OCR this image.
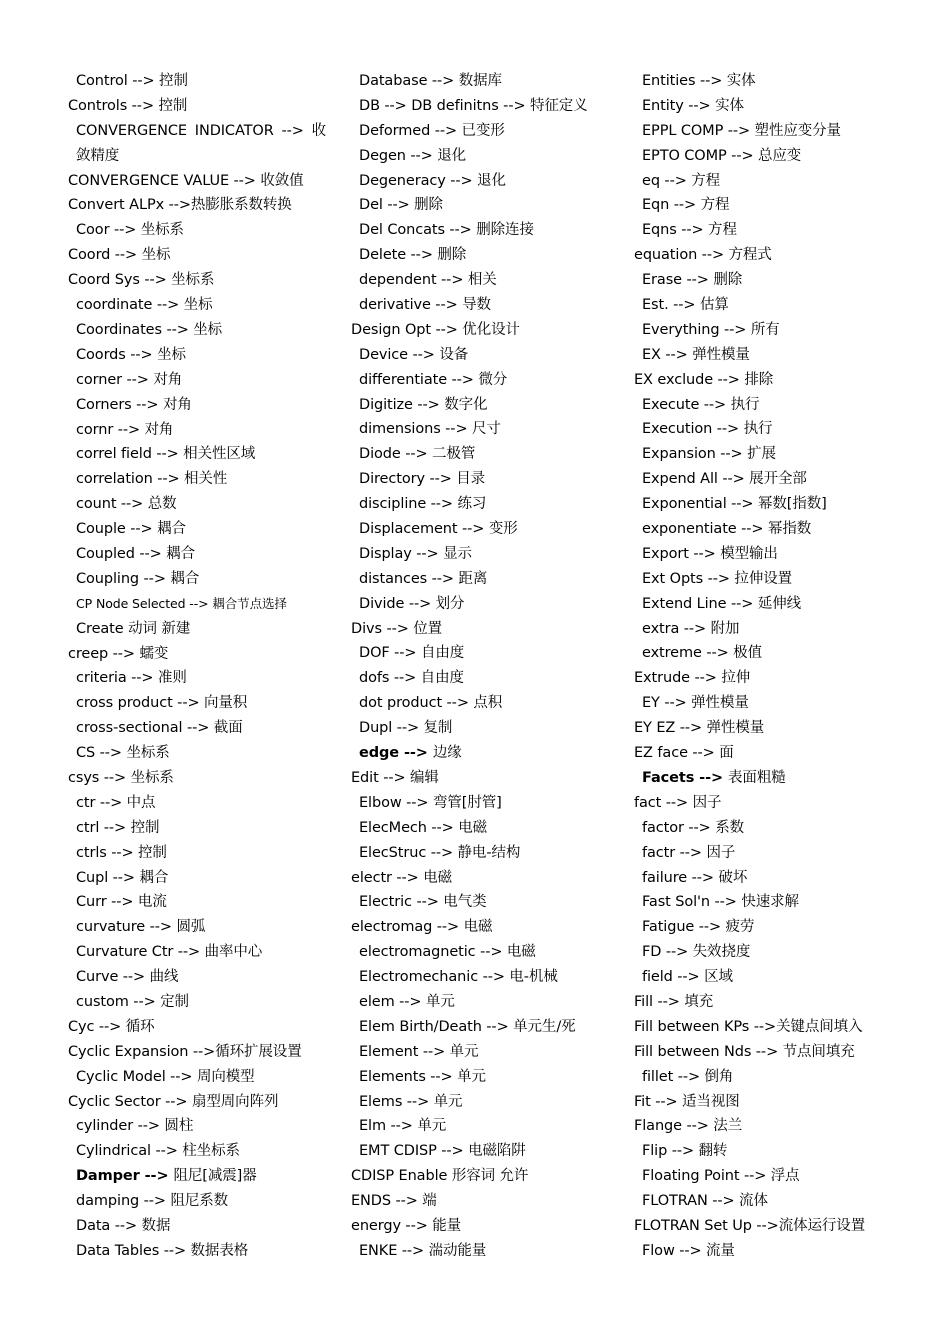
Control --> 控制
Controls --> 控制
CONVERGENCE INDICATOR --> 收敛精度
CONVERGENCE VALUE --> 收敛值
Convert ALPx -->热膨胀系数转换
Coor --> 坐标系
Coord --> 坐标
Coord Sys --> 坐标系
coordinate --> 坐标
Coordinates --> 坐标
Coords --> 坐标
corner --> 对角
Corners --> 对角
cornr --> 对角
correl field --> 相关性区域
correlation --> 相关性
count --> 总数
Couple --> 耦合
Coupled --> 耦合
Coupling --> 耦合
CP Node Selected --> 耦合节点选择
Create 动词 新建
creep --> 蠕变
criteria --> 准则
cross product --> 向量积
cross-sectional --> 截面
CS --> 坐标系
csys --> 坐标系
ctr --> 中点
ctrl --> 控制
ctrls --> 控制
Cupl --> 耦合
Curr --> 电流
curvature --> 圆弧
Curvature Ctr --> 曲率中心
Curve --> 曲线
custom --> 定制
Cyc --> 循环
Cyclic Expansion -->循环扩展设置
Cyclic Model --> 周向模型
Cyclic Sector --> 扇型周向阵列
cylinder --> 圆柱
Cylindrical --> 柱坐标系
Damper --> 阻尼[减震]器
damping --> 阻尼系数
Data --> 数据
Data Tables --> 数据表格
Database --> 数据库
DB --> DB definitns --> 特征定义
Deformed --> 已变形
Degen --> 退化
Degeneracy --> 退化
Del --> 删除
Del Concats --> 删除连接
Delete --> 删除
dependent --> 相关
derivative --> 导数
Design Opt --> 优化设计
Device --> 设备
differentiate --> 微分
Digitize --> 数字化
dimensions --> 尺寸
Diode --> 二极管
Directory --> 目录
discipline --> 练习
Displacement --> 变形
Display --> 显示
distances --> 距离
Divide --> 划分
Divs --> 位置
DOF --> 自由度
dofs --> 自由度
dot product --> 点积
Dupl --> 复制
edge --> 边缘
Edit --> 编辑
Elbow --> 弯管[肘管]
ElecMech --> 电磁
ElecStruc --> 静电-结构
electr --> 电磁
Electric --> 电气类
electromag --> 电磁
electromagnetic --> 电磁
Electromechanic --> 电-机械
elem --> 单元
Elem Birth/Death --> 单元生/死
Element --> 单元
Elements --> 单元
Elems --> 单元
Elm --> 单元
EMT CDISP --> 电磁陷阱
CDISP Enable 形容词 允许
ENDS --> 端
energy --> 能量
ENKE --> 湍动能量
Entities --> 实体
Entity --> 实体
EPPL COMP --> 塑性应变分量
EPTO COMP --> 总应变
eq --> 方程
Eqn --> 方程
Eqns --> 方程
equation --> 方程式
Erase --> 删除
Est. --> 估算
Everything --> 所有
EX --> 弹性模量
EX exclude --> 排除
Execute --> 执行
Execution --> 执行
Expansion --> 扩展
Expend All --> 展开全部
Exponential --> 幂数[指数]
exponentiate --> 幂指数
Export --> 模型输出
Ext Opts --> 拉伸设置
Extend Line --> 延伸线
extra --> 附加
extreme --> 极值
Extrude --> 拉伸
EY --> 弹性模量
EY EZ --> 弹性模量
EZ face --> 面
Facets --> 表面粗糙
fact --> 因子
factor --> 系数
factr --> 因子
failure --> 破坏
Fast Sol'n --> 快速求解
Fatigue --> 疲劳
FD --> 失效挠度
field --> 区域
Fill --> 填充
Fill between KPs -->关键点间填入
Fill between Nds --> 节点间填充
fillet --> 倒角
Fit --> 适当视图
Flange --> 法兰
Flip --> 翻转
Floating Point --> 浮点
FLOTRAN --> 流体
FLOTRAN Set Up -->流体运行设置
Flow --> 流量
